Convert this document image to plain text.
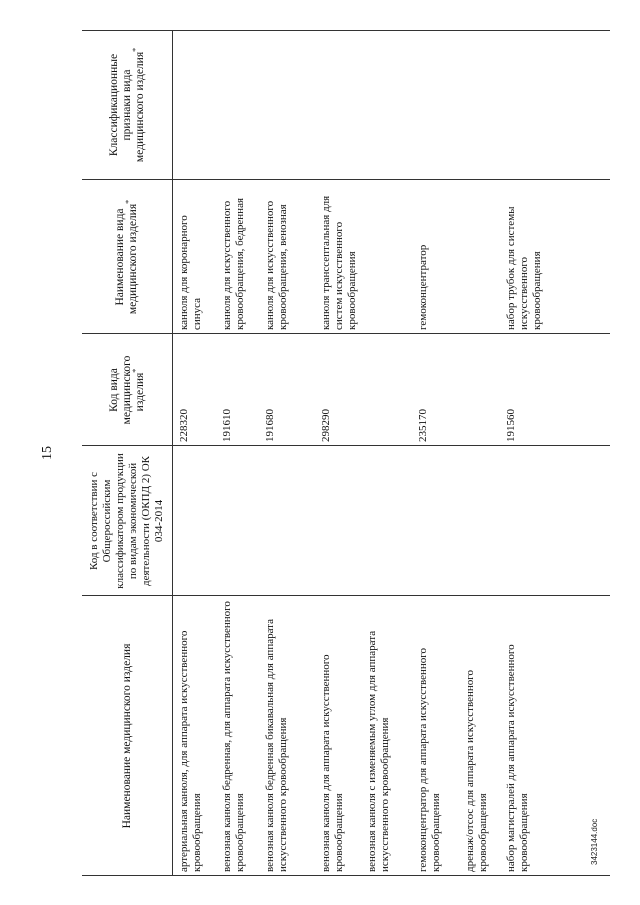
15
3423144.doc
Наименование медицинского изделия
Код в соответствии с Общероссийским классификатором продукции по видам экономической деятельности (ОКПД 2) ОК 034-2014
Код вида медицинского изделия*
Наименование вида медицинского изделия*
Классификационные признаки вида медицинского изделия*
артериальная канюля, для аппарата искусственного кровообращения
228320
канюля для коронарного синуса
венозная канюля бедренная, для аппарата искусственного кровообращения
191610
канюля для искусственного кровообращения, бедренная
венозная канюля бедренная бикавальная для аппарата искусственного кровообращения
191680
канюля для искусственного кровообращения, венозная
венозная канюля для аппарата искусственного кровообращения
298290
канюля транссептальная для систем искусственного кровообращения
венозная канюля с изменяемым углом для аппарата искусственного кровообращения гемоконцентратор для аппарата искусственного кровообращения
235170
гемоконцентратор
дренаж/отсос для аппарата искусственного кровообращения набор магистралей для аппарата искусственного кровообращения
191560
набор трубок для системы искусственного кровообращения
